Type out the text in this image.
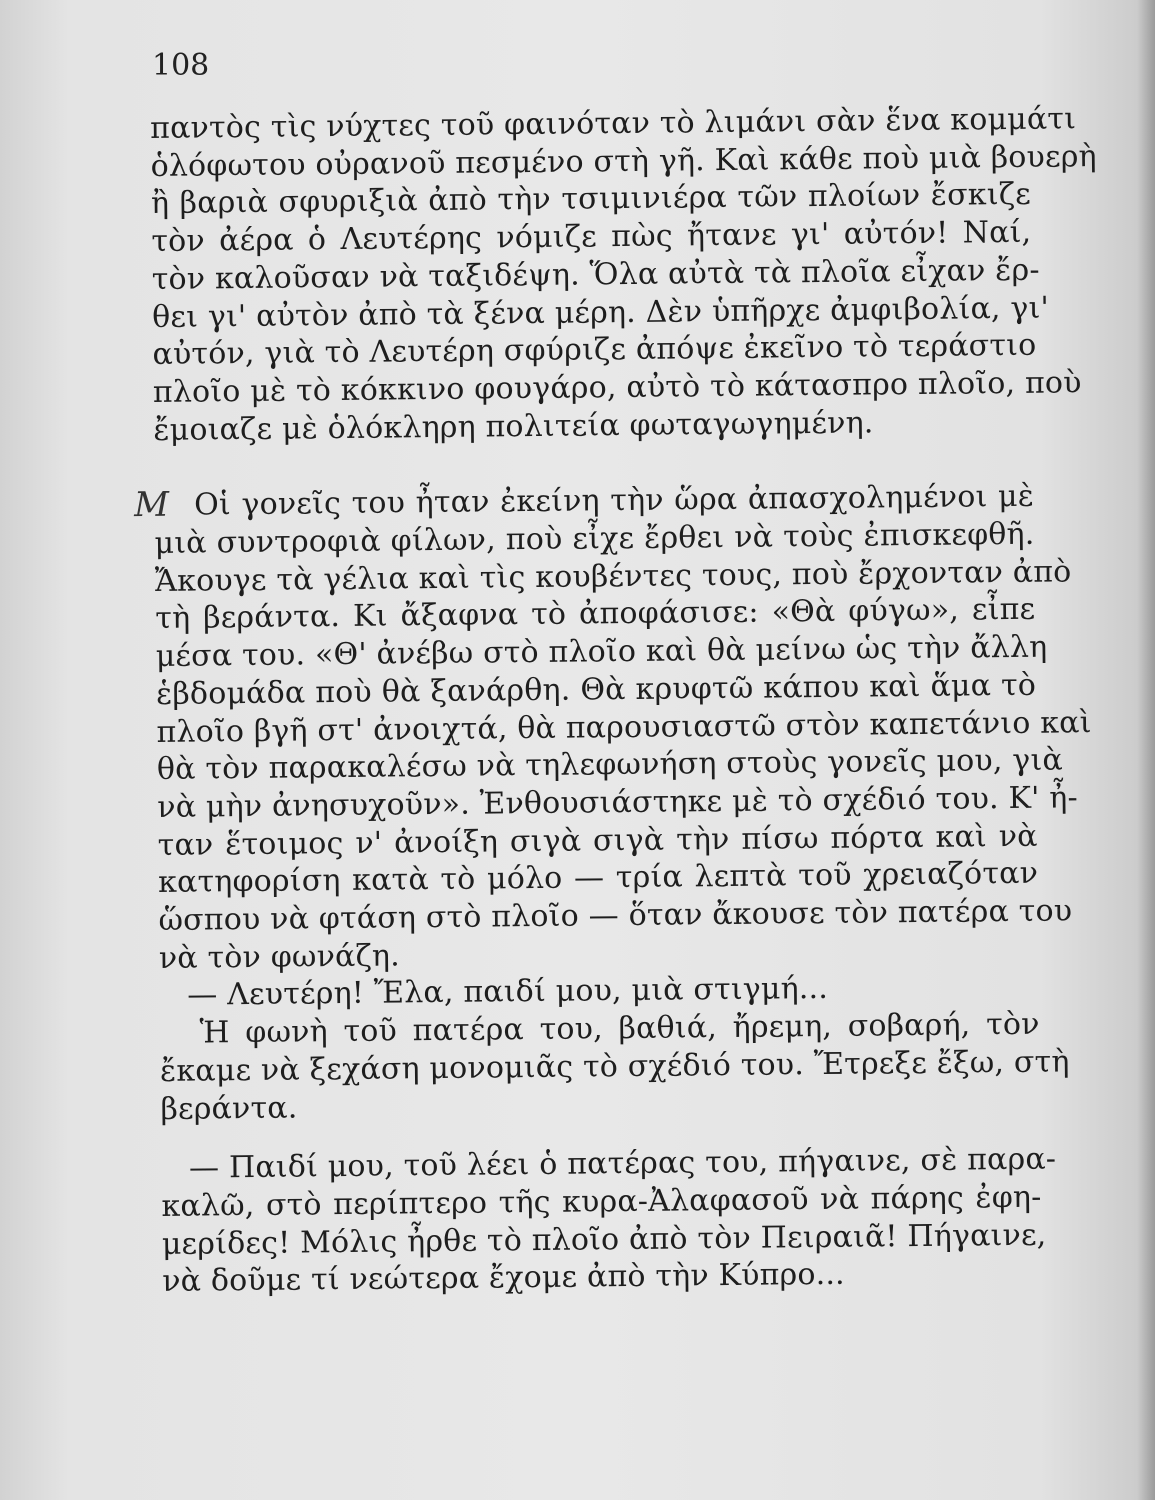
108
παντὸς τὶς νύχτες τοῦ φαινόταν τὸ λιμάνι σὰν ἕνα κομμάτι
ὁλόφωτου οὐρανοῦ πεσμένο στὴ γῆ. Καὶ κάθε ποὺ μιὰ βουερὴ
ἢ βαριὰ σφυριξιὰ ἀπὸ τὴν τσιμινιέρα τῶν πλοίων ἔσκιζε
τὸν ἀέρα ὁ Λευτέρης νόμιζε πὼς ἤτανε γι' αὐτόν! Ναί,
τὸν καλοῦσαν νὰ ταξιδέψη. Ὅλα αὐτὰ τὰ πλοῖα εἶχαν ἔρ-
θει γι' αὐτὸν ἀπὸ τὰ ξένα μέρη. Δὲν ὑπῆρχε ἀμφιβολία, γι'
αὐτόν, γιὰ τὸ Λευτέρη σφύριζε ἀπόψε ἐκεῖνο τὸ τεράστιο
πλοῖο μὲ τὸ κόκκινο φουγάρο, αὐτὸ τὸ κάτασπρο πλοῖο, ποὺ
ἔμοιαζε μὲ ὁλόκληρη πολιτεία φωταγωγημένη.
Μ Οἱ γονεῖς του ἦταν ἐκείνη τὴν ὥρα ἀπασχολημένοι μὲ
μιὰ συντροφιὰ φίλων, ποὺ εἶχε ἔρθει νὰ τοὺς ἐπισκεφθῆ.
Ἄκουγε τὰ γέλια καὶ τὶς κουβέντες τους, ποὺ ἔρχονταν ἀπὸ
τὴ βεράντα. Κι ἄξαφνα τὸ ἀποφάσισε: «Θὰ φύγω», εἶπε
μέσα του. «Θ' ἀνέβω στὸ πλοῖο καὶ θὰ μείνω ὡς τὴν ἄλλη
ἑβδομάδα ποὺ θὰ ξανάρθη. Θὰ κρυφτῶ κάπου καὶ ἅμα τὸ
πλοῖο βγῆ στ' ἀνοιχτά, θὰ παρουσιαστῶ στὸν καπετάνιο καὶ
θὰ τὸν παρακαλέσω νὰ τηλεφωνήση στοὺς γονεῖς μου, γιὰ
νὰ μὴν ἀνησυχοῦν». Ἐνθουσιάστηκε μὲ τὸ σχέδιό του. Κ' ἦ-
ταν ἕτοιμος ν' ἀνοίξη σιγὰ σιγὰ τὴν πίσω πόρτα καὶ νὰ
κατηφορίση κατὰ τὸ μόλο — τρία λεπτὰ τοῦ χρειαζόταν
ὥσπου νὰ φτάση στὸ πλοῖο — ὅταν ἄκουσε τὸν πατέρα του
νὰ τὸν φωνάζη.
— Λευτέρη! Ἔλα, παιδί μου, μιὰ στιγμή...
Ἡ φωνὴ τοῦ πατέρα του, βαθιά, ἤρεμη, σοβαρή, τὸν
ἔκαμε νὰ ξεχάση μονομιᾶς τὸ σχέδιό του. Ἔτρεξε ἔξω, στὴ
βεράντα.
— Παιδί μου, τοῦ λέει ὁ πατέρας του, πήγαινε, σὲ παρα-
καλῶ, στὸ περίπτερο τῆς κυρα-Ἀλαφασοῦ νὰ πάρης ἐφη-
μερίδες! Μόλις ἦρθε τὸ πλοῖο ἀπὸ τὸν Πειραιᾶ! Πήγαινε,
νὰ δοῦμε τί νεώτερα ἔχομε ἀπὸ τὴν Κύπρο...
